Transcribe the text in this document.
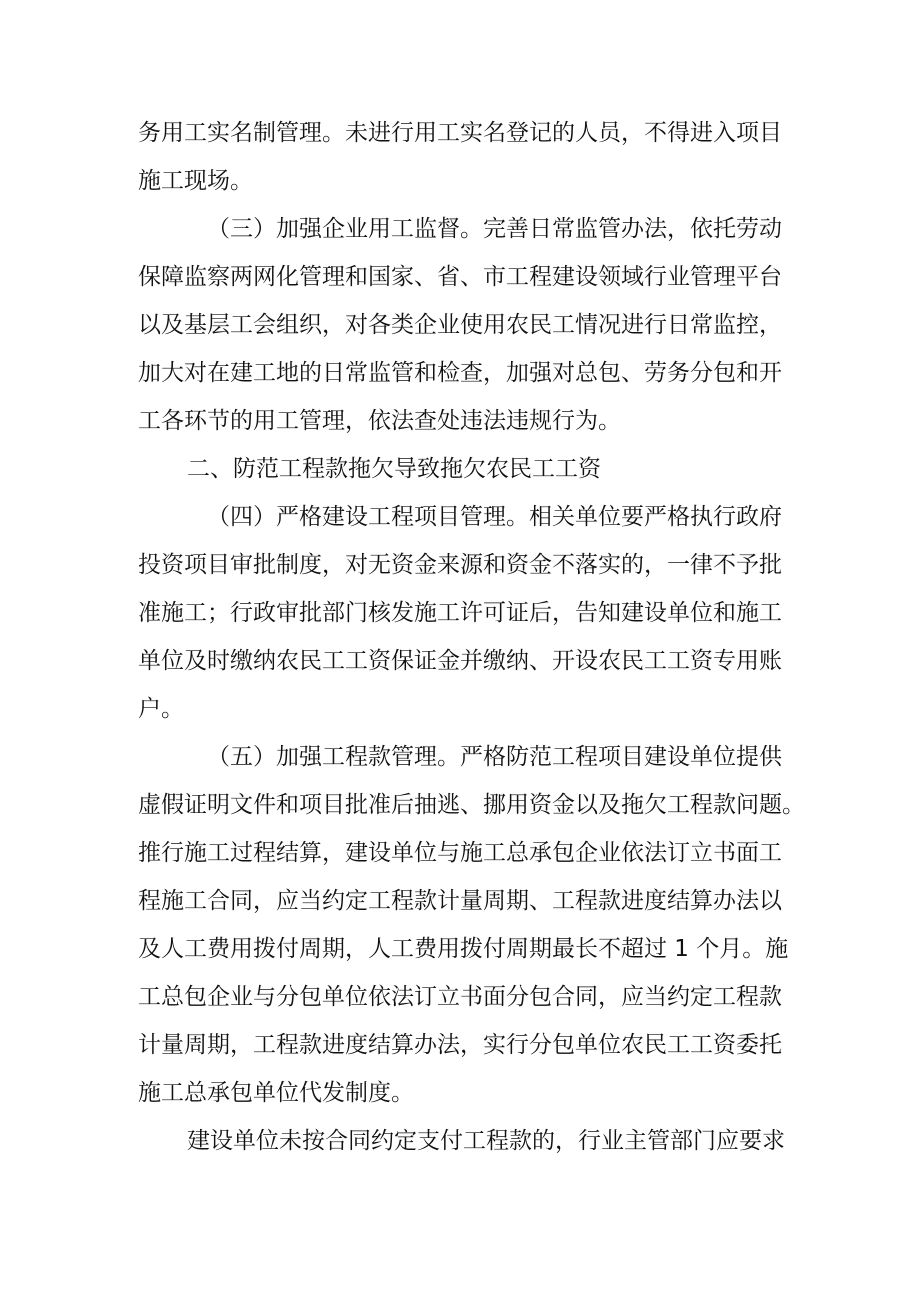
务用工实名制管理。未进行用工实名登记的人员，不得进入项目
施工现场。
（三）加强企业用工监督。完善日常监管办法，依托劳动
保障监察两网化管理和国家、省、市工程建设领域行业管理平台
以及基层工会组织，对各类企业使用农民工情况进行日常监控，
加大对在建工地的日常监管和检查，加强对总包、劳务分包和开
工各环节的用工管理，依法查处违法违规行为。
二、防范工程款拖欠导致拖欠农民工工资
（四）严格建设工程项目管理。相关单位要严格执行政府
投资项目审批制度，对无资金来源和资金不落实的，一律不予批
准施工；行政审批部门核发施工许可证后，告知建设单位和施工
单位及时缴纳农民工工资保证金并缴纳、开设农民工工资专用账
户。
（五）加强工程款管理。严格防范工程项目建设单位提供
虚假证明文件和项目批准后抽逃、挪用资金以及拖欠工程款问题。
推行施工过程结算，建设单位与施工总承包企业依法订立书面工
程施工合同，应当约定工程款计量周期、工程款进度结算办法以
及人工费用拨付周期，人工费用拨付周期最长不超过 1 个月。施
工总包企业与分包单位依法订立书面分包合同，应当约定工程款
计量周期，工程款进度结算办法，实行分包单位农民工工资委托
施工总承包单位代发制度。
建设单位未按合同约定支付工程款的，行业主管部门应要求
